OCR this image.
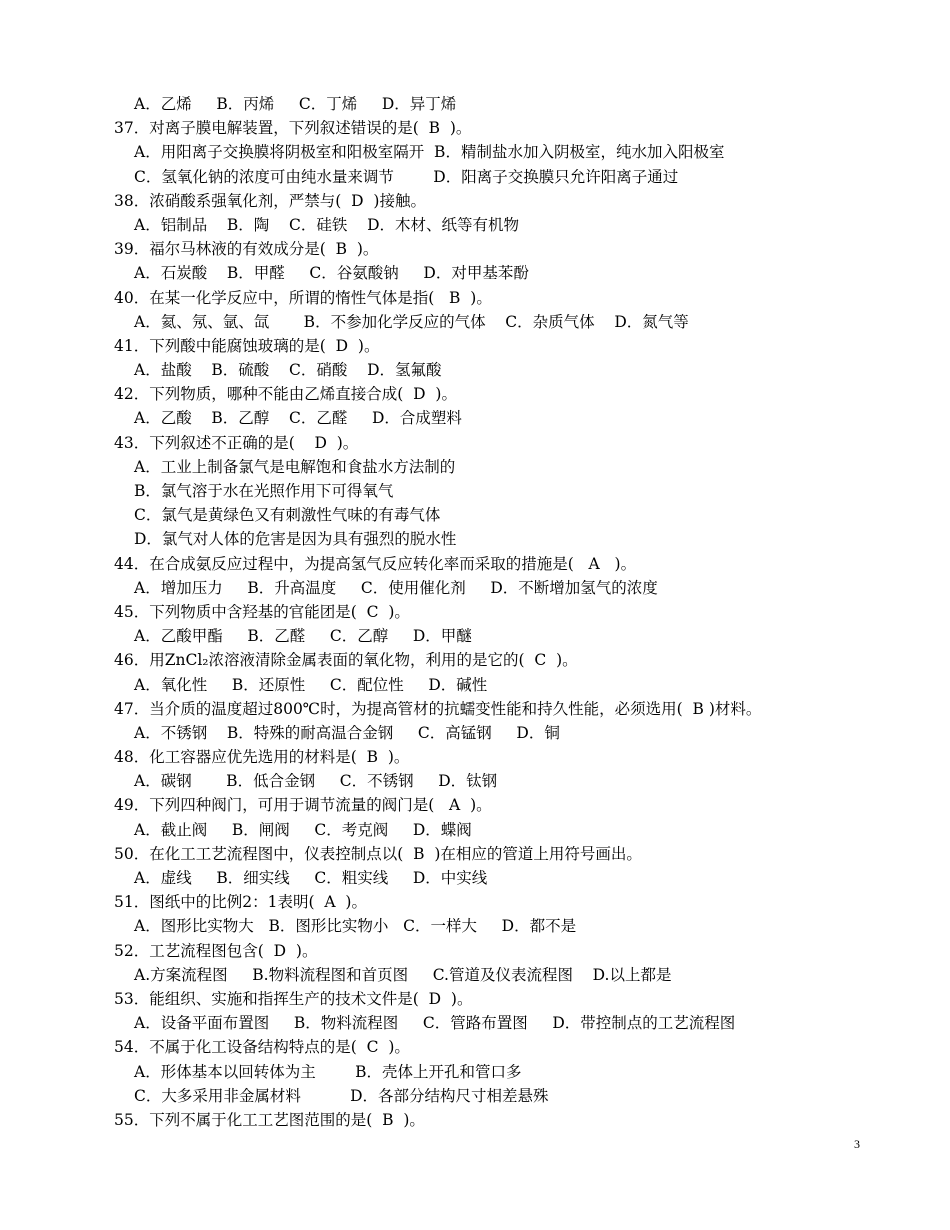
A．乙烯     B．丙烯     C．丁烯     D．异丁烯
37．对离子膜电解装置，下列叙述错误的是(  B  )。
A．用阳离子交换膜将阴极室和阳极室隔开  B．精制盐水加入阴极室，纯水加入阳极室
C．氢氧化钠的浓度可由纯水量来调节        D．阳离子交换膜只允许阳离子通过
38．浓硝酸系强氧化剂，严禁与(  D  )接触。
A．铝制品    B．陶    C．硅铁    D．木材、纸等有机物
39．福尔马林液的有效成分是(  B  )。
A．石炭酸    B．甲醛     C．谷氨酸钠     D．对甲基苯酚
40．在某一化学反应中，所谓的惰性气体是指(   B  )。
A．氦、氖、氩、氙       B．不参加化学反应的气体    C．杂质气体    D．氮气等
41．下列酸中能腐蚀玻璃的是(  D  )。
A．盐酸    B．硫酸    C．硝酸    D．氢氟酸
42．下列物质，哪种不能由乙烯直接合成(  D  )。
A．乙酸    B．乙醇    C．乙醛     D．合成塑料
43．下列叙述不正确的是(    D  )。
A．工业上制备氯气是电解饱和食盐水方法制的
B．氯气溶于水在光照作用下可得氧气
C．氯气是黄绿色又有刺激性气味的有毒气体
D．氯气对人体的危害是因为具有强烈的脱水性
44．在合成氨反应过程中，为提高氢气反应转化率而采取的措施是(   A   )。
A．增加压力     B．升高温度     C．使用催化剂     D．不断增加氢气的浓度
45．下列物质中含羟基的官能团是(  C  )。
A．乙酸甲酯     B．乙醛     C．乙醇     D．甲醚
46．用ZnCl₂浓溶液清除金属表面的氧化物，利用的是它的(  C  )。
A．氧化性     B．还原性     C．配位性     D．碱性
47．当介质的温度超过800℃时，为提高管材的抗蠕变性能和持久性能，必须选用(  B )材料。
A．不锈钢    B．特殊的耐高温合金钢     C．高锰钢     D．铜
48．化工容器应优先选用的材料是(  B  )。
A．碳钢       B．低合金钢     C．不锈钢     D．钛钢
49．下列四种阀门，可用于调节流量的阀门是(   A  )。
A．截止阀     B．闸阀     C．考克阀     D．蝶阀
50．在化工工艺流程图中，仪表控制点以(  B  )在相应的管道上用符号画出。
A．虚线     B．细实线     C．粗实线     D．中实线
51．图纸中的比例2：1表明(  A  )。
A．图形比实物大   B．图形比实物小   C．一样大     D．都不是
52．工艺流程图包含(  D  )。
A.方案流程图     B.物料流程图和首页图     C.管道及仪表流程图    D.以上都是
53．能组织、实施和指挥生产的技术文件是(  D  )。
A．设备平面布置图     B．物料流程图     C．管路布置图     D．带控制点的工艺流程图
54．不属于化工设备结构特点的是(  C  )。
A．形体基本以回转体为主        B．壳体上开孔和管口多
C．大多采用非金属材料          D．各部分结构尺寸相差悬殊
55．下列不属于化工工艺图范围的是(  B  )。
3
